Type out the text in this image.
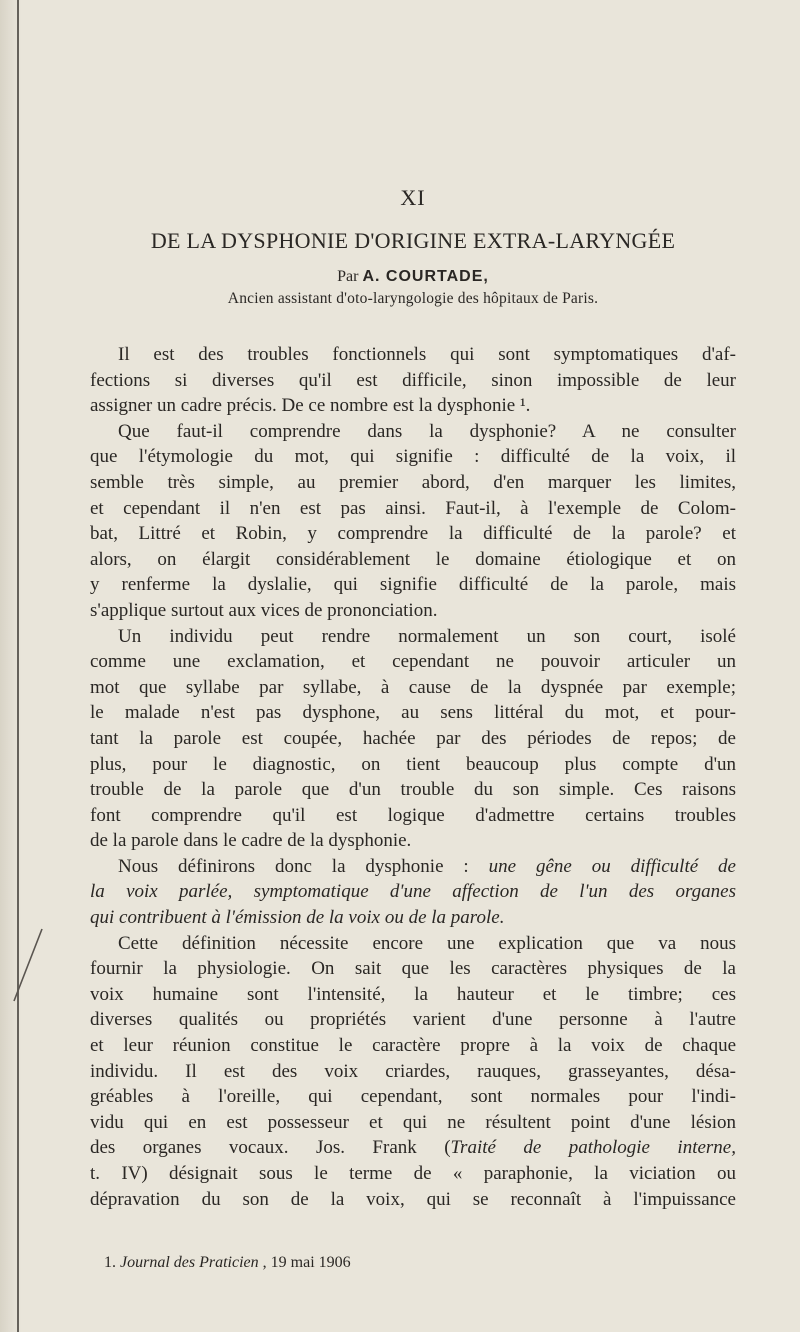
XI
DE LA DYSPHONIE D'ORIGINE EXTRA-LARYNGÉE
Par A. COURTADE,
Ancien assistant d'oto-laryngologie des hôpitaux de Paris.
Il est des troubles fonctionnels qui sont symptomatiques d'af-
fections si diverses qu'il est difficile, sinon impossible de leur
assigner un cadre précis. De ce nombre est la dysphonie ¹.
Que faut-il comprendre dans la dysphonie? A ne consulter
que l'étymologie du mot, qui signifie : difficulté de la voix, il
semble très simple, au premier abord, d'en marquer les limites,
et cependant il n'en est pas ainsi. Faut-il, à l'exemple de Colom-
bat, Littré et Robin, y comprendre la difficulté de la parole? et
alors, on élargit considérablement le domaine étiologique et on
y renferme la dyslalie, qui signifie difficulté de la parole, mais
s'applique surtout aux vices de prononciation.
Un individu peut rendre normalement un son court, isolé
comme une exclamation, et cependant ne pouvoir articuler un
mot que syllabe par syllabe, à cause de la dyspnée par exemple;
le malade n'est pas dysphone, au sens littéral du mot, et pour-
tant la parole est coupée, hachée par des périodes de repos; de
plus, pour le diagnostic, on tient beaucoup plus compte d'un
trouble de la parole que d'un trouble du son simple. Ces raisons
font comprendre qu'il est logique d'admettre certains troubles
de la parole dans le cadre de la dysphonie.
Nous définirons donc la dysphonie : une gêne ou difficulté de
la voix parlée, symptomatique d'une affection de l'un des organes
qui contribuent à l'émission de la voix ou de la parole.
Cette définition nécessite encore une explication que va nous
fournir la physiologie. On sait que les caractères physiques de la
voix humaine sont l'intensité, la hauteur et le timbre; ces
diverses qualités ou propriétés varient d'une personne à l'autre
et leur réunion constitue le caractère propre à la voix de chaque
individu. Il est des voix criardes, rauques, grasseyantes, désa-
gréables à l'oreille, qui cependant, sont normales pour l'indi-
vidu qui en est possesseur et qui ne résultent point d'une lésion
des organes vocaux. Jos. Frank (Traité de pathologie interne,
t. IV) désignait sous le terme de « paraphonie, la viciation ou
dépravation du son de la voix, qui se reconnaît à l'impuissance
1. Journal des Praticien , 19 mai 1906
